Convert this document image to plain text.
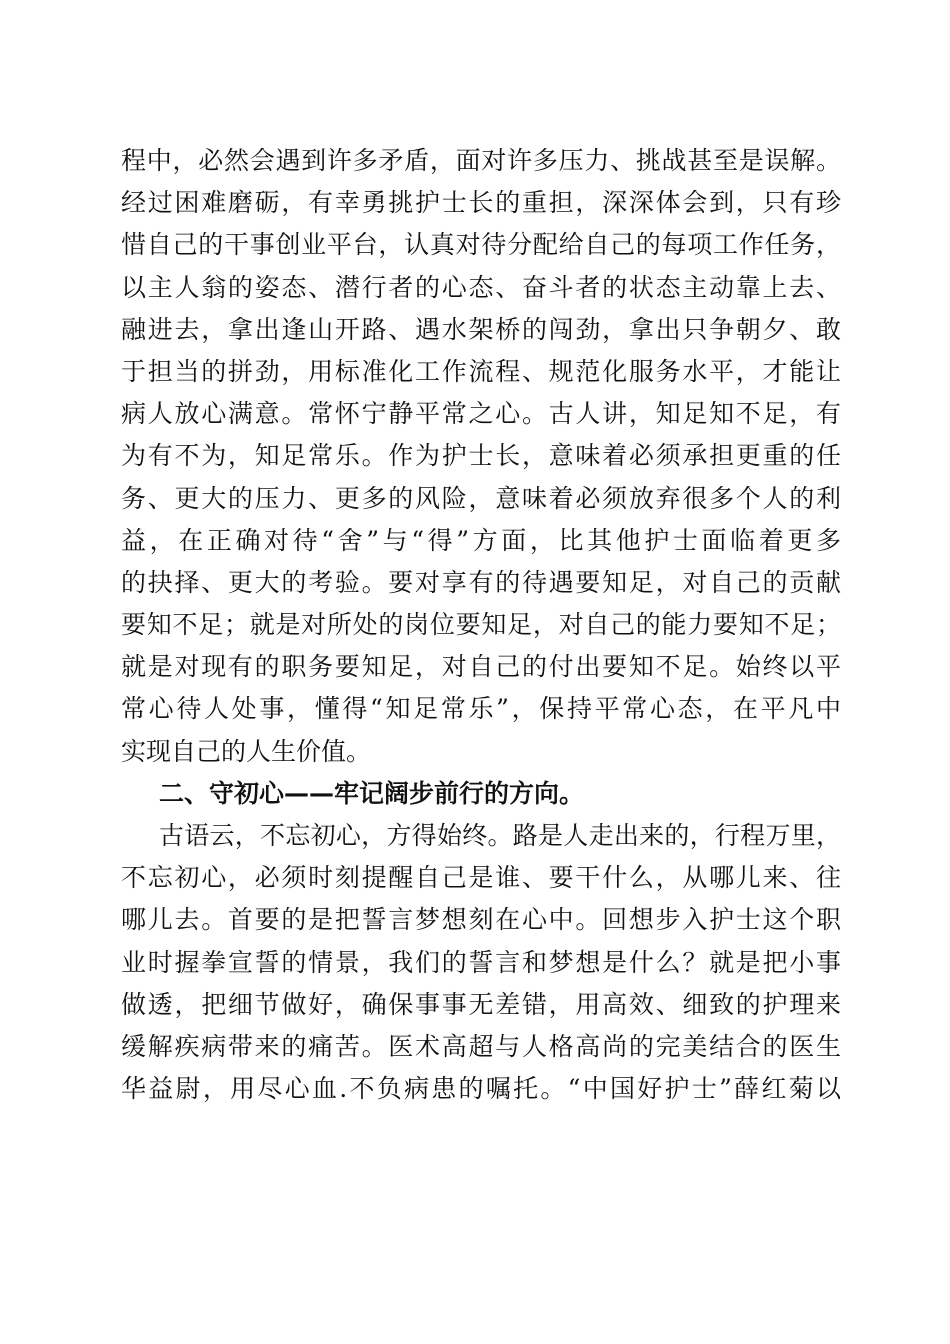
程中，必然会遇到许多矛盾，面对许多压力、挑战甚至是误解。
经过困难磨砺，有幸勇挑护士长的重担，深深体会到，只有珍
惜自己的干事创业平台，认真对待分配给自己的每项工作任务，
以主人翁的姿态、潜行者的心态、奋斗者的状态主动靠上去、
融进去，拿出逢山开路、遇水架桥的闯劲，拿出只争朝夕、敢
于担当的拼劲，用标准化工作流程、规范化服务水平，才能让
病人放心满意。常怀宁静平常之心。古人讲，知足知不足，有
为有不为，知足常乐。作为护士长，意味着必须承担更重的任
务、更大的压力、更多的风险，意味着必须放弃很多个人的利
益，在正确对待“舍”与“得”方面，比其他护士面临着更多
的抉择、更大的考验。要对享有的待遇要知足，对自己的贡献
要知不足；就是对所处的岗位要知足，对自己的能力要知不足；
就是对现有的职务要知足，对自己的付出要知不足。始终以平
常心待人处事，懂得“知足常乐”，保持平常心态，在平凡中
实现自己的人生价值。
二、守初心——牢记阔步前行的方向。
古语云，不忘初心，方得始终。路是人走出来的，行程万里，
不忘初心，必须时刻提醒自己是谁、要干什么，从哪儿来、往
哪儿去。首要的是把誓言梦想刻在心中。回想步入护士这个职
业时握拳宣誓的情景，我们的誓言和梦想是什么？就是把小事
做透，把细节做好，确保事事无差错，用高效、细致的护理来
缓解疾病带来的痛苦。医术高超与人格高尚的完美结合的医生
华益尉，用尽心血.不负病患的嘱托。“中国好护士”薛红菊以
